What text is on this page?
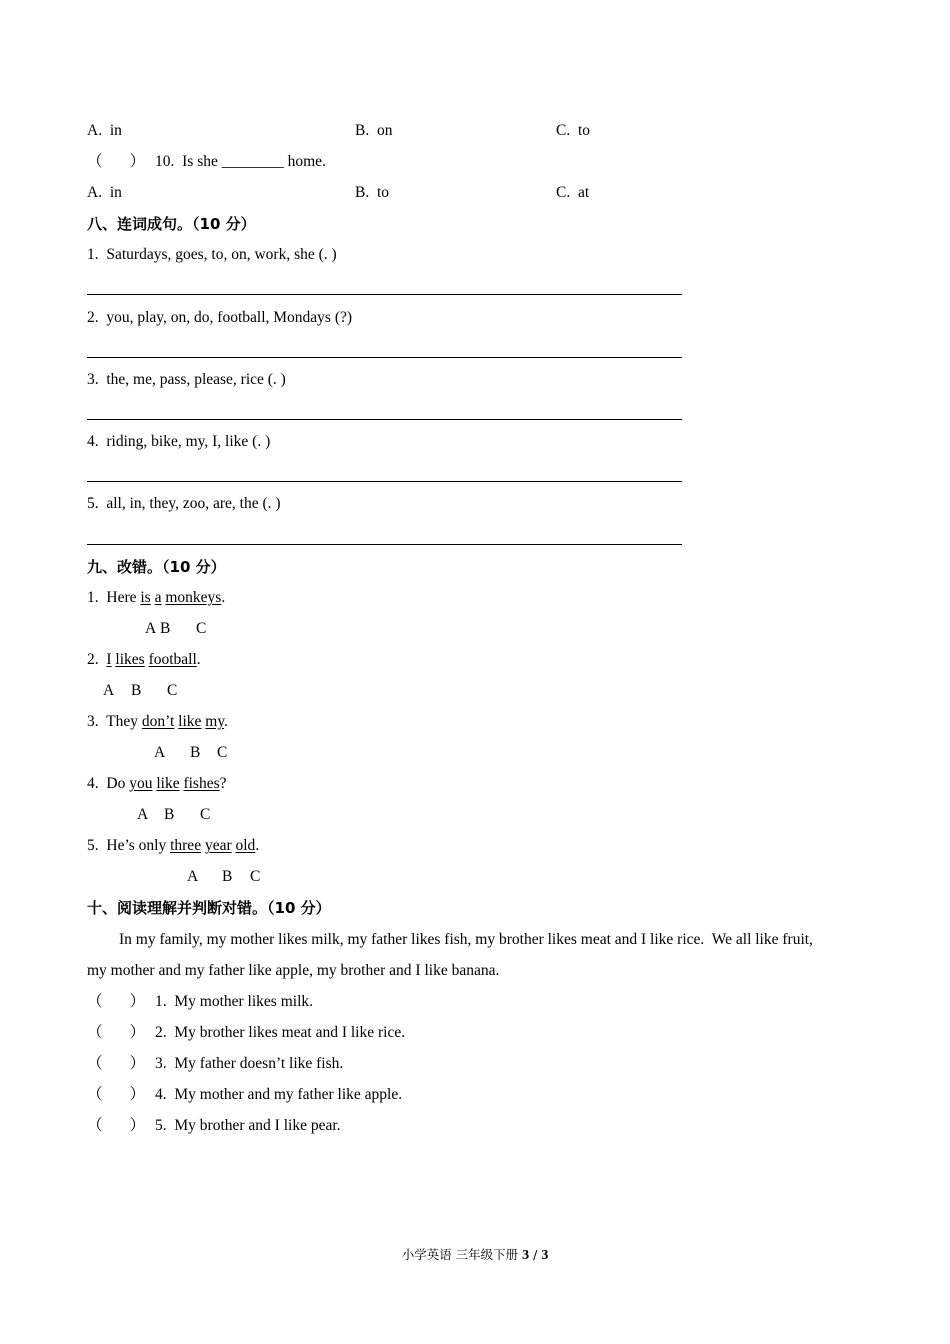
A.  in	B.  on	C.  to
（       ） 10.  Is she ________ home.
A.  in	B.  to	C.  at
八、连词成句。（10 分）
1.  Saturdays, goes, to, on, work, she (. )
2.  you, play, on, do, football, Mondays (?)
3.  the, me, pass, please, rice (. )
4.  riding, bike, my, I, like (. )
5.  all, in, they, zoo, are, the (. )
九、改错。（10 分）
1. Here is a monkeys.
A B C
2. I likes football.
A B C
3. They don’t like my.
A B C
4. Do you like fishes?
A B C
5. He’s only three year old.
A B C
十、阅读理解并判断对错。（10 分）
In my family, my mother likes milk, my father likes fish, my brother likes meat and I like rice.  We all like fruit,
my mother and my father like apple, my brother and I like banana.
（       ） 1.  My mother likes milk.
（       ） 2.  My brother likes meat and I like rice.
（       ） 3.  My father doesn’t like fish.
（       ） 4.  My mother and my father like apple.
（       ） 5.  My brother and I like pear.
小学英语 三年级下册 3 / 3
